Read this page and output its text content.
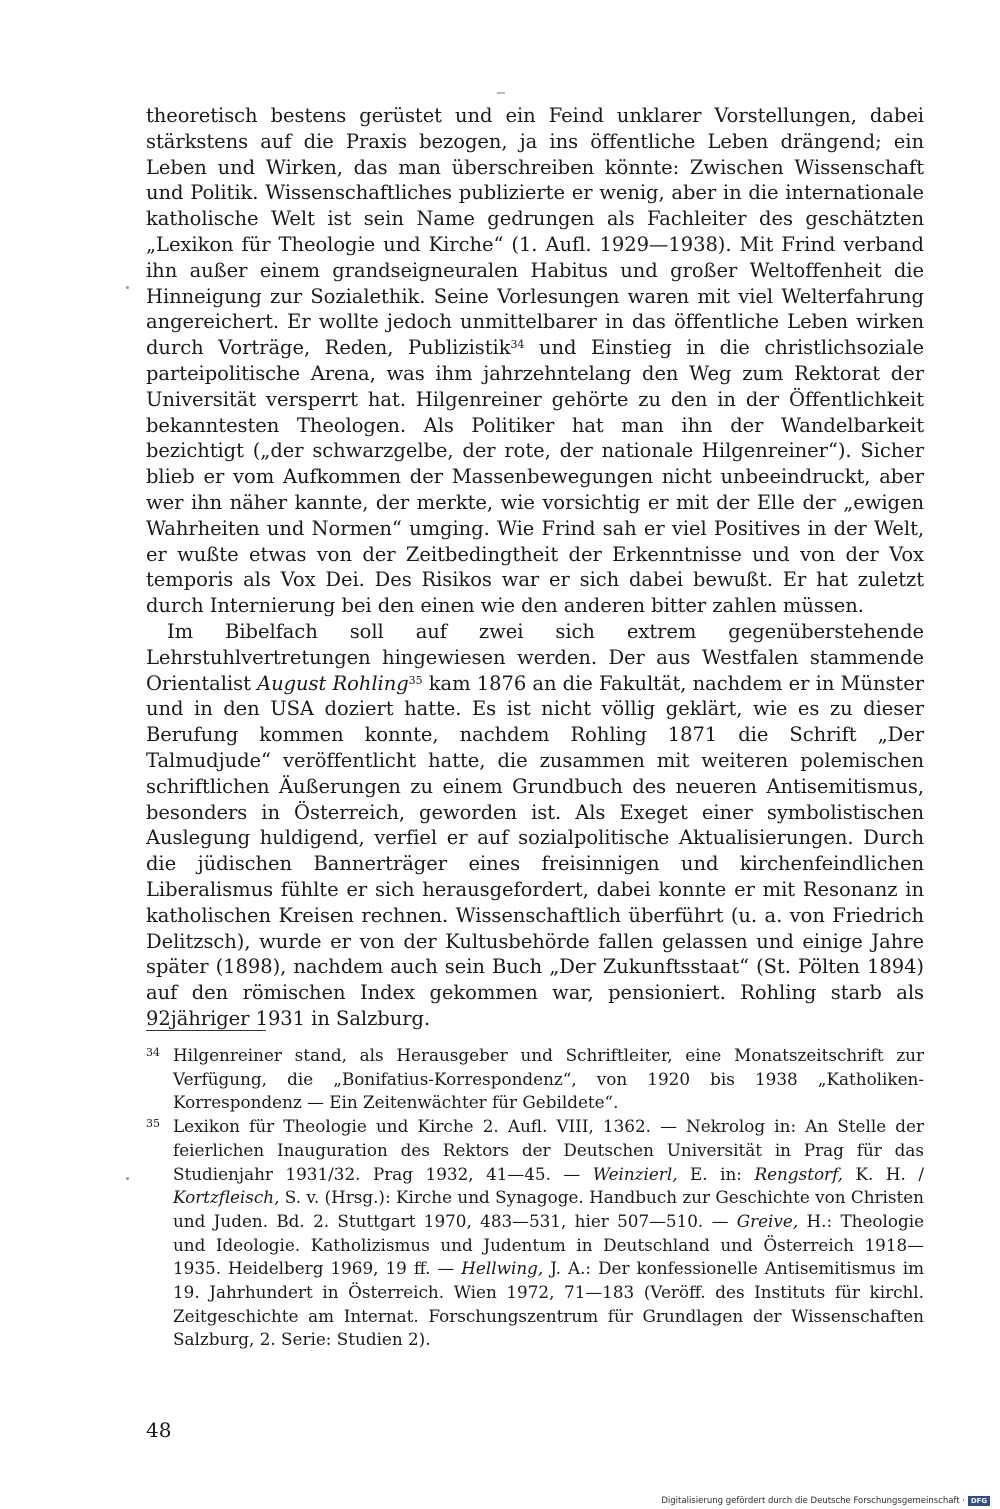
theoretisch bestens gerüstet und ein Feind unklarer Vorstellungen, dabei stärkstens auf die Praxis bezogen, ja ins öffentliche Leben drängend; ein Leben und Wirken, das man überschreiben könnte: Zwischen Wissenschaft und Politik. Wissenschaftliches publizierte er wenig, aber in die internationale katholische Welt ist sein Name gedrungen als Fachleiter des geschätzten „Lexikon für Theologie und Kirche“ (1. Aufl. 1929—1938). Mit Frind verband ihn außer einem grandseigneuralen Habitus und großer Weltoffenheit die Hinneigung zur Sozialethik. Seine Vorlesungen waren mit viel Welterfahrung angereichert. Er wollte jedoch unmittelbarer in das öffentliche Leben wirken durch Vorträge, Reden, Publizistik$^{34}$ und Einstieg in die christlichsoziale parteipolitische Arena, was ihm jahrzehntelang den Weg zum Rektorat der Universität versperrt hat. Hilgenreiner gehörte zu den in der Öffentlichkeit bekanntesten Theologen. Als Politiker hat man ihn der Wandelbarkeit bezichtigt („der schwarzgelbe, der rote, der nationale Hilgenreiner“). Sicher blieb er vom Aufkommen der Massenbewegungen nicht unbeeindruckt, aber wer ihn näher kannte, der merkte, wie vorsichtig er mit der Elle der „ewigen Wahrheiten und Normen“ umging. Wie Frind sah er viel Positives in der Welt, er wußte etwas von der Zeitbedingtheit der Erkenntnisse und von der Vox temporis als Vox Dei. Des Risikos war er sich dabei bewußt. Er hat zuletzt durch Internierung bei den einen wie den anderen bitter zahlen müssen.

Im Bibelfach soll auf zwei sich extrem gegenüberstehende Lehrstuhlvertretungen hingewiesen werden. Der aus Westfalen stammende Orientalist August Rohling$^{35}$ kam 1876 an die Fakultät, nachdem er in Münster und in den USA doziert hatte. Es ist nicht völlig geklärt, wie es zu dieser Berufung kommen konnte, nachdem Rohling 1871 die Schrift „Der Talmudjude“ veröffentlicht hatte, die zusammen mit weiteren polemischen schriftlichen Äußerungen zu einem Grundbuch des neueren Antisemitismus, besonders in Österreich, geworden ist. Als Exeget einer symbolistischen Auslegung huldigend, verfiel er auf sozialpolitische Aktualisierungen. Durch die jüdischen Bannerträger eines freisinnigen und kirchenfeindlichen Liberalismus fühlte er sich herausgefordert, dabei konnte er mit Resonanz in katholischen Kreisen rechnen. Wissenschaftlich überführt (u. a. von Friedrich Delitzsch), wurde er von der Kultusbehörde fallen gelassen und einige Jahre später (1898), nachdem auch sein Buch „Der Zukunftsstaat“ (St. Pölten 1894) auf den römischen Index gekommen war, pensioniert. Rohling starb als 92jähriger 1931 in Salzburg.

34 Hilgenreiner stand, als Herausgeber und Schriftleiter, eine Monatszeitschrift zur Verfügung, die „Bonifatius-Korrespondenz“, von 1920 bis 1938 „Katholiken-Korrespondenz — Ein Zeitenwächter für Gebildete“.

35 Lexikon für Theologie und Kirche 2. Aufl. VIII, 1362. — Nekrolog in: An Stelle der feierlichen Inauguration des Rektors der Deutschen Universität in Prag für das Studienjahr 1931/32. Prag 1932, 41—45. — Weinzierl, E. in: Rengstorf, K. H. / Kortzfleisch, S. v. (Hrsg.): Kirche und Synagoge. Handbuch zur Geschichte von Christen und Juden. Bd. 2. Stuttgart 1970, 483—531, hier 507—510. — Greive, H.: Theologie und Ideologie. Katholizismus und Judentum in Deutschland und Österreich 1918—1935. Heidelberg 1969, 19 ff. — Hellwing, J. A.: Der konfessionelle Antisemitismus im 19. Jahrhundert in Österreich. Wien 1972, 71—183 (Veröff. des Instituts für kirchl. Zeitgeschichte am Internat. Forschungszentrum für Grundlagen der Wissenschaften Salzburg, 2. Serie: Studien 2).

48
Digitalisierung gefördert durch die Deutsche Forschungsgemeinschaft · DFG
